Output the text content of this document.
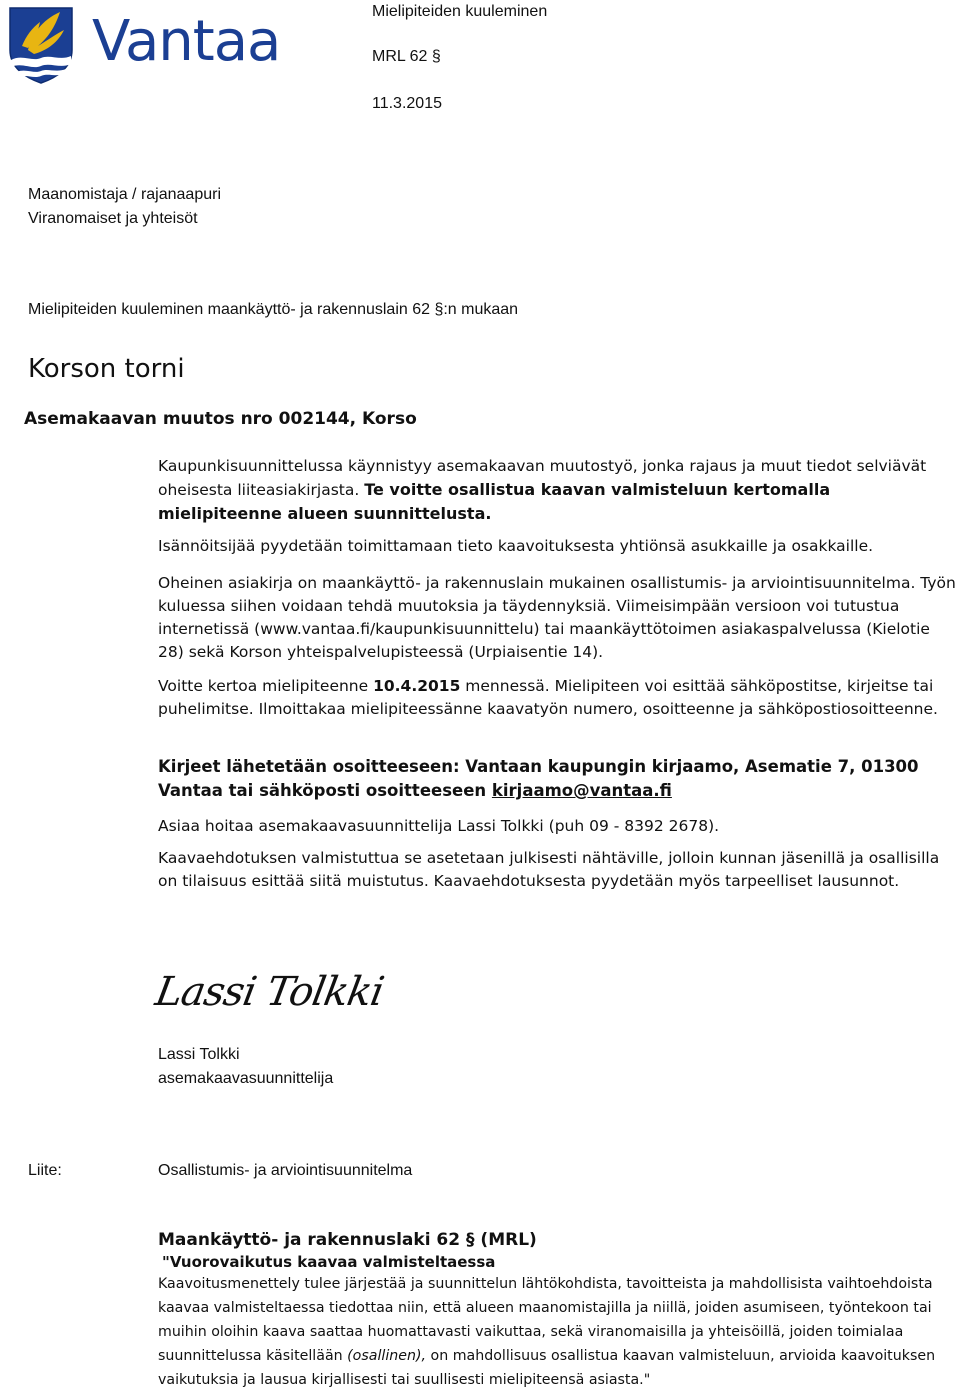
Vantaa	Mielipiteiden kuuleminen
MRL 62 §
11.3.2015
Maanomistaja / rajanaapuri
Viranomaiset ja yhteisöt
Mielipiteiden kuuleminen maankäyttö- ja rakennuslain 62 §:n mukaan
Korson torni
Asemakaavan muutos nro 002144, Korso
Kaupunkisuunnittelussa käynnistyy asemakaavan muutostyö, jonka rajaus ja muut tiedot selviävät oheisesta liiteasiakirjasta. Te voitte osallistua kaavan valmisteluun kertomalla mielipiteenne alueen suunnittelusta.
Isännöitsijää pyydetään toimittamaan tieto kaavoituksesta yhtiönsä asukkaille ja osakkaille.
Oheinen asiakirja on maankäyttö- ja rakennuslain mukainen osallistumis- ja arviointisuunnitelma. Työn kuluessa siihen voidaan tehdä muutoksia ja täydennyksiä. Viimeisimpään versioon voi tutustua internetissä (www.vantaa.fi/kaupunkisuunnittelu) tai maankäyttötoimen asiakaspalvelussa (Kielotie 28) sekä Korson yhteispalvelupisteessä (Urpiaisentie 14).
Voitte kertoa mielipiteenne 10.4.2015 mennessä. Mielipiteen voi esittää sähköpostitse, kirjeitse tai puhelimitse. Ilmoittakaa mielipiteessänne kaavatyön numero, osoitteenne ja sähköpostiosoitteenne.
Kirjeet lähetetään osoitteeseen: Vantaan kaupungin kirjaamo, Asematie 7, 01300 Vantaa tai sähköposti osoitteeseen kirjaamo@vantaa.fi
Asiaa hoitaa asemakaavasuunnittelija Lassi Tolkki (puh 09 - 8392 2678).
Kaavaehdotuksen valmistuttua se asetetaan julkisesti nähtäville, jolloin kunnan jäsenillä ja osallisilla on tilaisuus esittää siitä muistutus. Kaavaehdotuksesta pyydetään myös tarpeelliset lausunnot.
Lassi Tolkki
Lassi Tolkki
asemakaavasuunnittelija
Liite:	Osallistumis- ja arviointisuunnitelma
Maankäyttö- ja rakennuslaki 62 § (MRL)
"Vuorovaikutus kaavaa valmisteltaessa
Kaavoitusmenettely tulee järjestää ja suunnittelun lähtökohdista, tavoitteista ja mahdollisista vaihtoehdoista kaavaa valmisteltaessa tiedottaa niin, että alueen maanomistajilla ja niillä, joiden asumiseen, työntekoon tai muihin oloihin kaava saattaa huomattavasti vaikuttaa, sekä viranomaisilla ja yhteisöillä, joiden toimialaa suunnittelussa käsitellään (osallinen), on mahdollisuus osallistua kaavan valmisteluun, arvioida kaavoituksen vaikutuksia ja lausua kirjallisesti tai suullisesti mielipiteensä asiasta."
